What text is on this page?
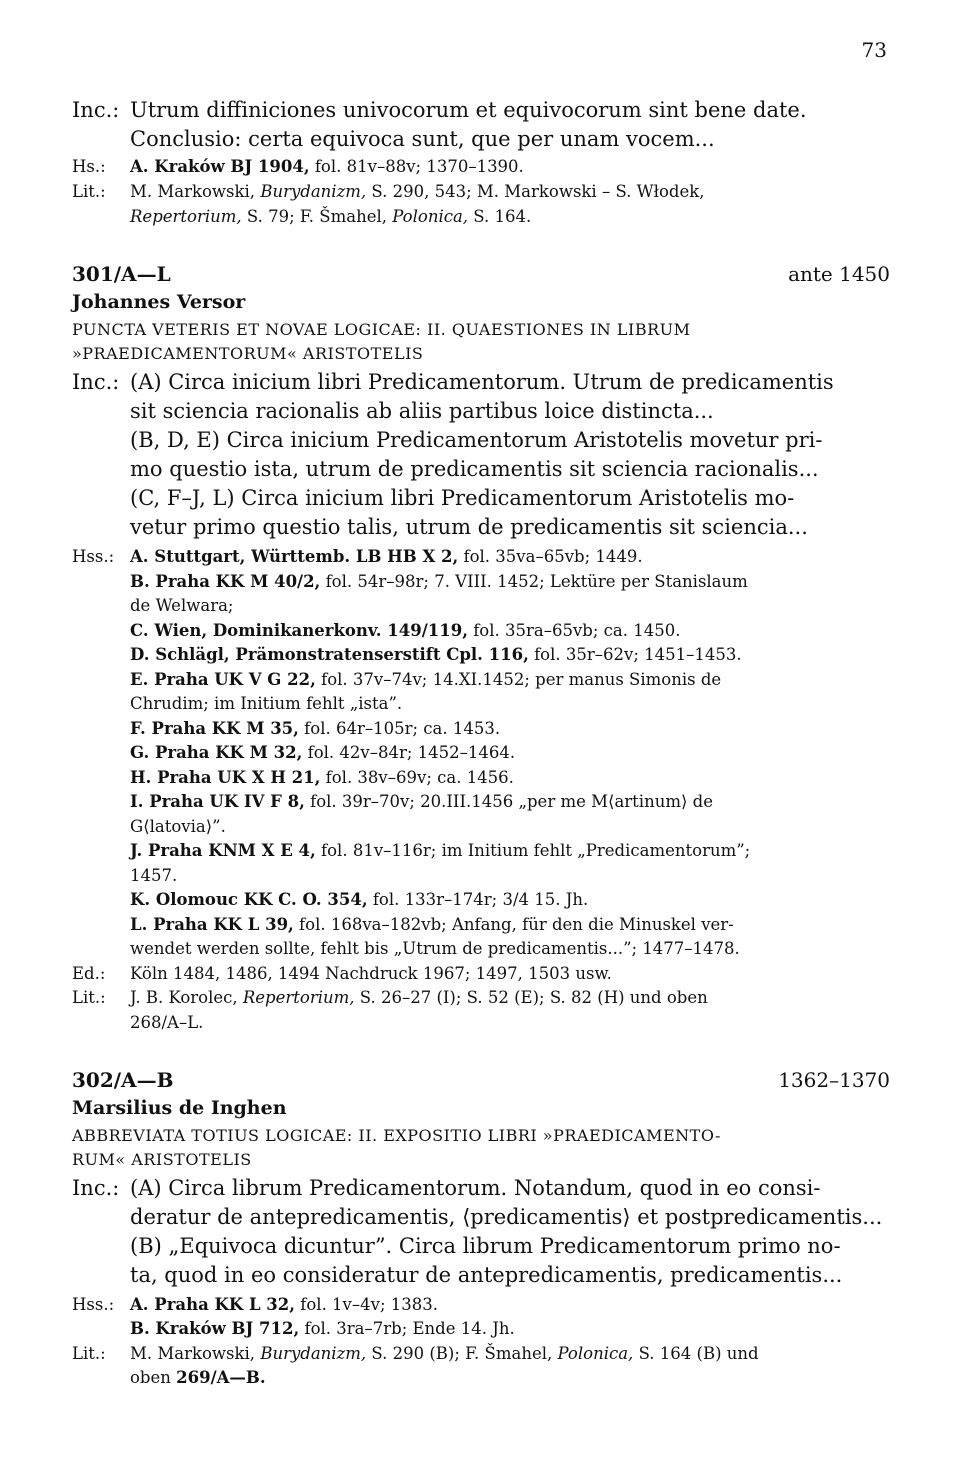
73
Inc.: Utrum diffiniciones univocorum et equivocorum sint bene date.
Conclusio: certa equivoca sunt, que per unam vocem...
Hs.:	A. Kraków BJ 1904, fol. 81v–88v; 1370–1390.
Lit.:	M. Markowski, Burydanizm, S. 290, 543; M. Markowski – S. Włodek,
Repertorium, S. 79; F. Šmahel, Polonica, S. 164.
301/A—L	ante 1450
Johannes Versor
PUNCTA VETERIS ET NOVAE LOGICAE: II. QUAESTIONES IN LIBRUM
»PRAEDICAMENTORUM« ARISTOTELIS
Inc.: (A) Circa inicium libri Predicamentorum. Utrum de predicamentis
sit sciencia racionalis ab aliis partibus loice distincta...
(B, D, E) Circa inicium Predicamentorum Aristotelis movetur pri-
mo questio ista, utrum de predicamentis sit sciencia racionalis...
(C, F–J, L) Circa inicium libri Predicamentorum Aristotelis mo-
vetur primo questio talis, utrum de predicamentis sit sciencia...
Hss.: A. Stuttgart, Württemb. LB HB X 2, fol. 35va–65vb; 1449.
B. Praha KK M 40/2, fol. 54r–98r; 7. VIII. 1452; Lektüre per Stanislaum
de Welwara;
C. Wien, Dominikanerkonv. 149/119, fol. 35ra–65vb; ca. 1450.
D. Schlägl, Prämonstratenserstift Cpl. 116, fol. 35r–62v; 1451–1453.
E. Praha UK V G 22, fol. 37v–74v; 14.XI.1452; per manus Simonis de
Chrudim; im Initium fehlt „ista”.
F. Praha KK M 35, fol. 64r–105r; ca. 1453.
G. Praha KK M 32, fol. 42v–84r; 1452–1464.
H. Praha UK X H 21, fol. 38v–69v; ca. 1456.
I. Praha UK IV F 8, fol. 39r–70v; 20.III.1456 „per me M⟨artinum⟩ de
G⟨latovia⟩”.
J. Praha KNM X E 4, fol. 81v–116r; im Initium fehlt „Predicamentorum”;
1457.
K. Olomouc KK C. O. 354, fol. 133r–174r; 3/4 15. Jh.
L. Praha KK L 39, fol. 168va–182vb; Anfang, für den die Minuskel ver-
wendet werden sollte, fehlt bis „Utrum de predicamentis...”; 1477–1478.
Ed.:	Köln 1484, 1486, 1494 Nachdruck 1967; 1497, 1503 usw.
Lit.:	J. B. Korolec, Repertorium, S. 26–27 (I); S. 52 (E); S. 82 (H) und oben
268/A–L.
302/A—B	1362–1370
Marsilius de Inghen
ABBREVIATA TOTIUS LOGICAE: II. EXPOSITIO LIBRI »PRAEDICAMENTO-
RUM« ARISTOTELIS
Inc.: (A) Circa librum Predicamentorum. Notandum, quod in eo consi-
deratur de antepredicamentis, ⟨predicamentis⟩ et postpredicamentis...
(B) „Equivoca dicuntur”. Circa librum Predicamentorum primo no-
ta, quod in eo consideratur de antepredicamentis, predicamentis...
Hss.: A. Praha KK L 32, fol. 1v–4v; 1383.
B. Kraków BJ 712, fol. 3ra–7rb; Ende 14. Jh.
Lit.:	M. Markowski, Burydanizm, S. 290 (B); F. Šmahel, Polonica, S. 164 (B) und
oben 269/A—B.
